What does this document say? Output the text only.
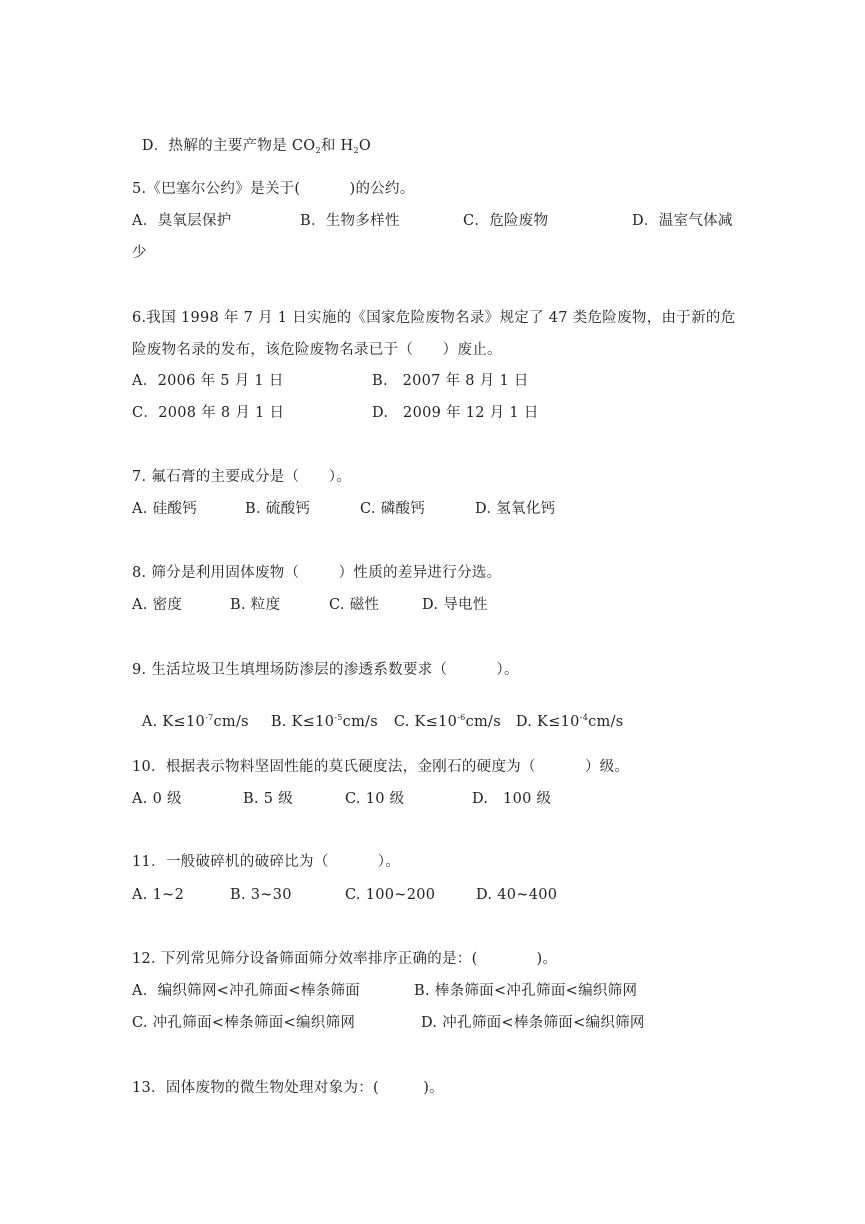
D．热解的主要产物是 $CO_2$和 $H_2O$

5.《巴塞尔公约》是关于(          )的公约。
A．臭氧层保护	B．生物多样性	C．危险废物	D．温室气体减
少
6.我国 1998 年 7 月 1 日实施的《国家危险废物名录》规定了 47 类危险废物，由于新的危
险废物名录的发布，该危险废物名录已于（      ）废止。
A．2006 年 5 月 1 日	B.   2007 年 8 月 1 日
C．2008 年 8 月 1 日	D.   2009 年 12 月 1 日
7. 氟石膏的主要成分是（      ）。
A. 硅酸钙	B. 硫酸钙	C. 磷酸钙	D. 氢氧化钙
8. 筛分是利用固体废物（        ）性质的差异进行分选。
A. 密度	B. 粒度	C. 磁性	D. 导电性
9. 生活垃圾卫生填埋场防渗层的渗透系数要求（          ）。

A. $K\le 10^{-7}cm/s$	B. $K\le 10^{-5}cm/s$	C. $K\le 10^{-6}cm/s$	D. $K\le 10^{-4}cm/s$

10．根据表示物料坚固性能的莫氏硬度法，金刚石的硬度为（          ）级。
A. 0 级	B. 5 级	C. 10 级	D.   100 级
11．一般破碎机的破碎比为（          ）。
A. 1~2	B. 3~30	C. 100~200	D. 40~400
12. 下列常见筛分设备筛面筛分效率排序正确的是：(            )。
A．编织筛网<冲孔筛面<棒条筛面	B. 棒条筛面<冲孔筛面<编织筛网
C. 冲孔筛面<棒条筛面<编织筛网	D. 冲孔筛面<棒条筛面<编织筛网
13．固体废物的微生物处理对象为：(         )。
